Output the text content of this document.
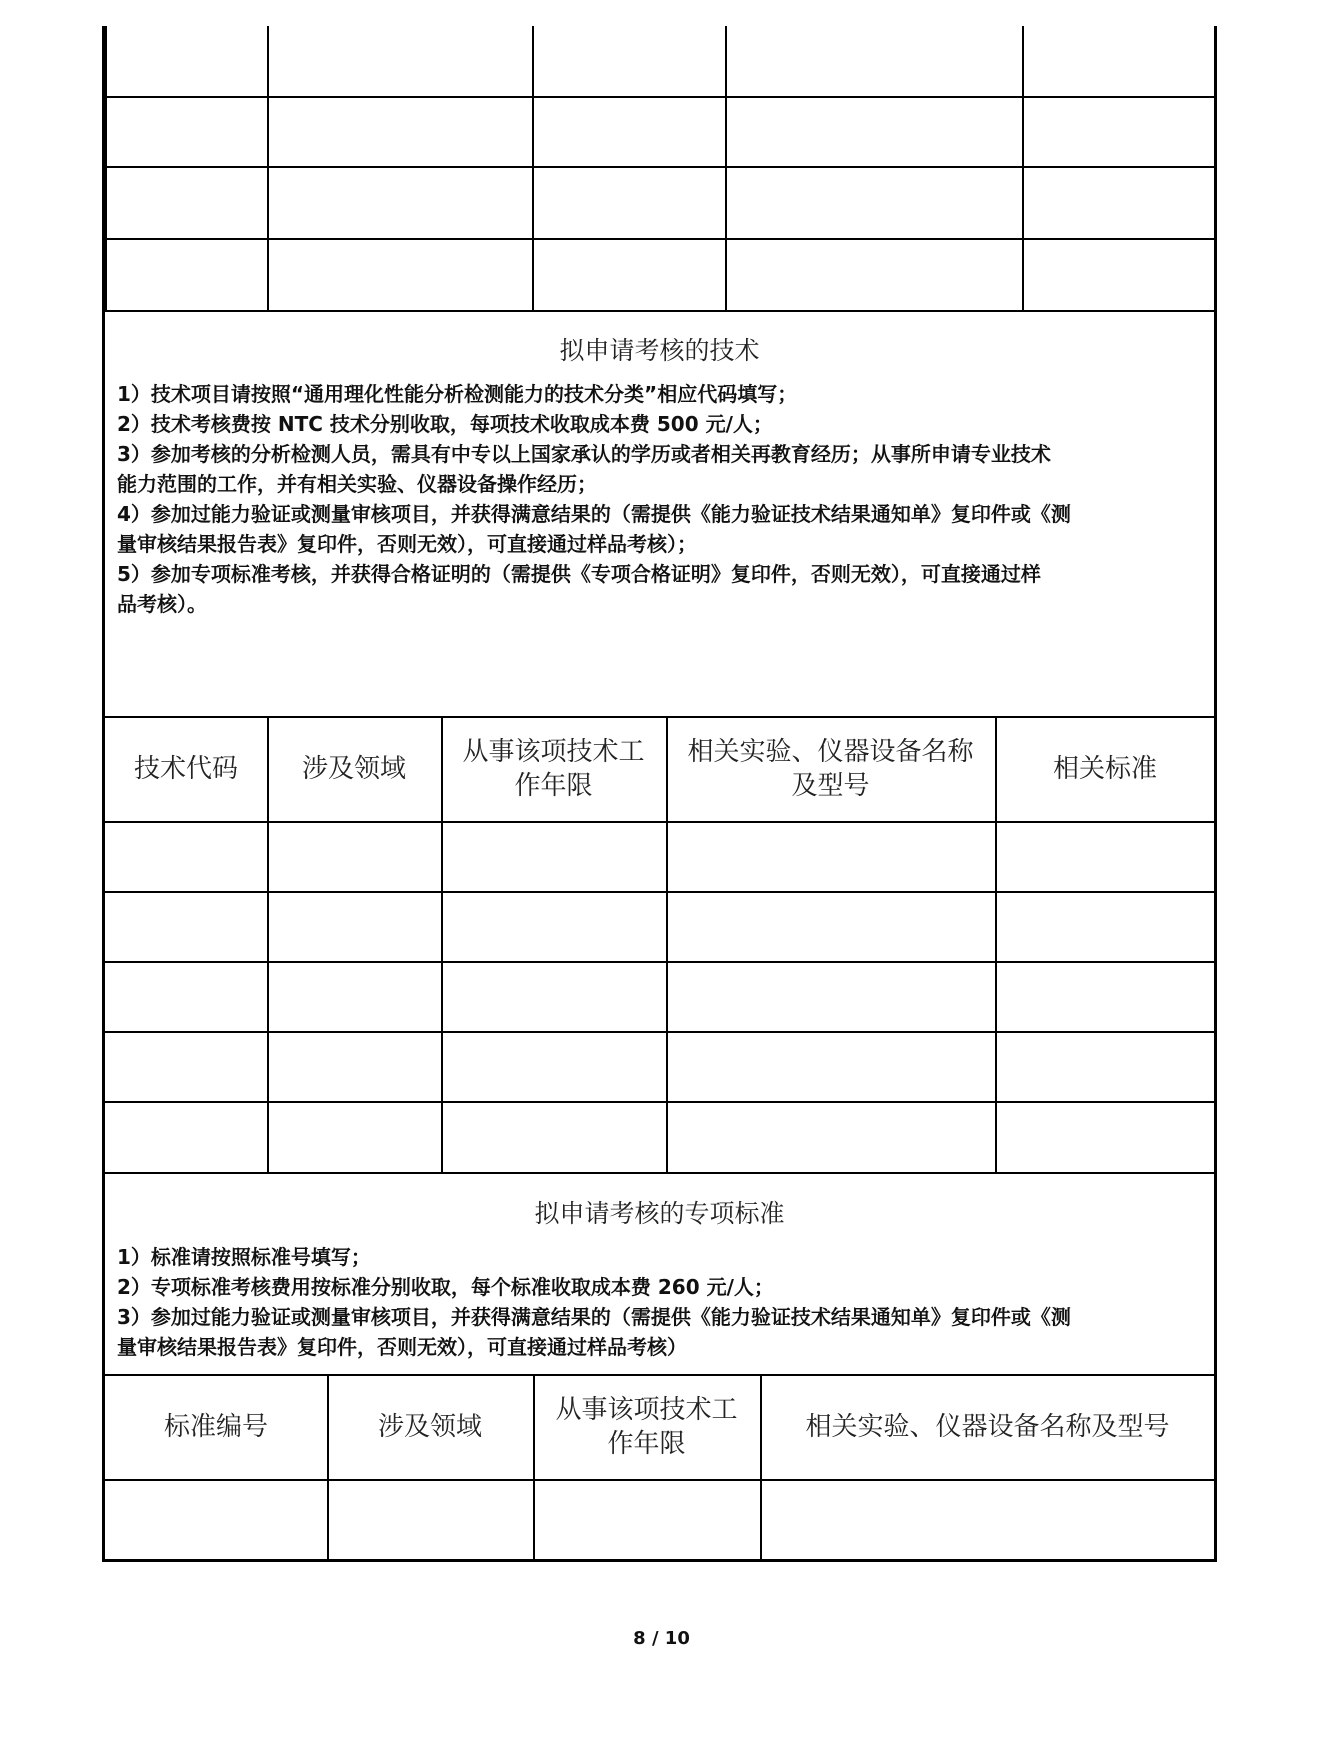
拟申请考核的技术
1）技术项目请按照“通用理化性能分析检测能力的技术分类”相应代码填写；
2）技术考核费按 NTC 技术分别收取，每项技术收取成本费 500 元/人；
3）参加考核的分析检测人员，需具有中专以上国家承认的学历或者相关再教育经历；从事所申请专业技术
能力范围的工作，并有相关实验、仪器设备操作经历；
4）参加过能力验证或测量审核项目，并获得满意结果的（需提供《能力验证技术结果通知单》复印件或《测
量审核结果报告表》复印件，否则无效），可直接通过样品考核）；
5）参加专项标准考核，并获得合格证明的（需提供《专项合格证明》复印件，否则无效），可直接通过样
品考核）。
技术代码	涉及领域
从事该项技术工作年限
相关实验、仪器设备名称及型号
相关标准
拟申请考核的专项标准
1）标准请按照标准号填写；
2）专项标准考核费用按标准分别收取，每个标准收取成本费 260 元/人；
3）参加过能力验证或测量审核项目，并获得满意结果的（需提供《能力验证技术结果通知单》复印件或《测
量审核结果报告表》复印件，否则无效），可直接通过样品考核）
标准编号	涉及领域
从事该项技术工作年限
相关实验、仪器设备名称及型号
8 / 10
